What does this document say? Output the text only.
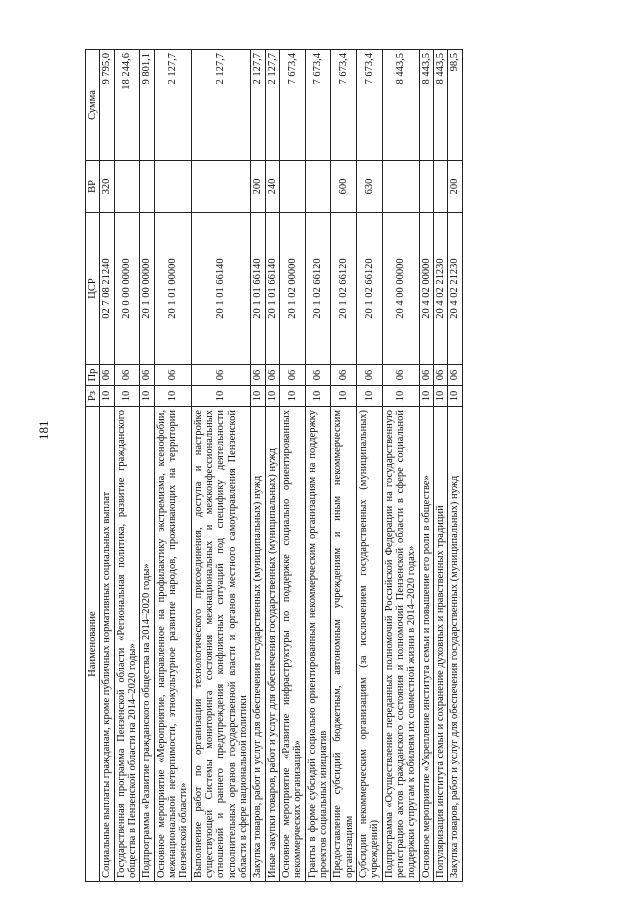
181
Наименование	Рз	Пр	ЦСР	ВР	Сумма
Социальные выплаты гражданам, кроме публичных нормативных социальных выплат	10	06	02 7 08 21240	320	9 795,0
Государственная программа Пензенской области «Региональная политика, развитие гражданского общества в Пензенской области на 2014–2020 годы»	10	06	20 0 00 00000		18 244,6
Подпрограмма «Развитие гражданского общества на 2014–2020 годы»	10	06	20 1 00 00000		9 801,1
Основное мероприятие «Мероприятие, направленное на профилактику экстремизма, ксенофобии, межнациональной нетерпимости, этнокультурное развитие народов, проживающих на территории Пензенской области»	10	06	20 1 01 00000		2 127,7
Выполнение работ по организации технологического присоединения, доступа и настройке существующей Системы мониторинга состояния межнациональных и межконфессиональных отношений и раннего предупреждения конфликтных ситуаций под специфику деятельности исполнительных органов государственной власти и органов местного самоуправления Пензенской области в сфере национальной политики	10	06	20 1 01 66140		2 127,7
Закупка товаров, работ и услуг для обеспечения государственных (муниципальных) нужд	10	06	20 1 01 66140	200	2 127,7
Иные закупки товаров, работ и услуг для обеспечения государственных (муниципальных) нужд	10	06	20 1 01 66140	240	2 127,7
Основное мероприятие «Развитие инфраструктуры по поддержке социально ориентированных некоммерческих организаций»	10	06	20 1 02 00000		7 673,4
Гранты в форме субсидий социально ориентированным некоммерческим организациям на поддержку проектов социальных инициатив	10	06	20 1 02 66120		7 673,4
Предоставление субсидий бюджетным, автономным учреждениям и иным некоммерческим организациям	10	06	20 1 02 66120	600	7 673,4
Субсидии некоммерческим организациям (за исключением государственных (муниципальных) учреждений)	10	06	20 1 02 66120	630	7 673,4
Подпрограмма «Осуществление переданных полномочий Российской Федерации на государственную регистрацию актов гражданского состояния и полномочий Пензенской области в сфере социальной поддержки супругам к юбилеям их совместной жизни в 2014–2020 годах»	10	06	20 4 00 00000		8 443,5
Основное мероприятие «Укрепление института семьи и повышение его роли в обществе»	10	06	20 4 02 00000		8 443,5
Популяризация института семьи и сохранение духовных и нравственных традиций	10	06	20 4 02 21230		8 443,5
Закупка товаров, работ и услуг для обеспечения государственных (муниципальных) нужд	10	06	20 4 02 21230	200	98,5
